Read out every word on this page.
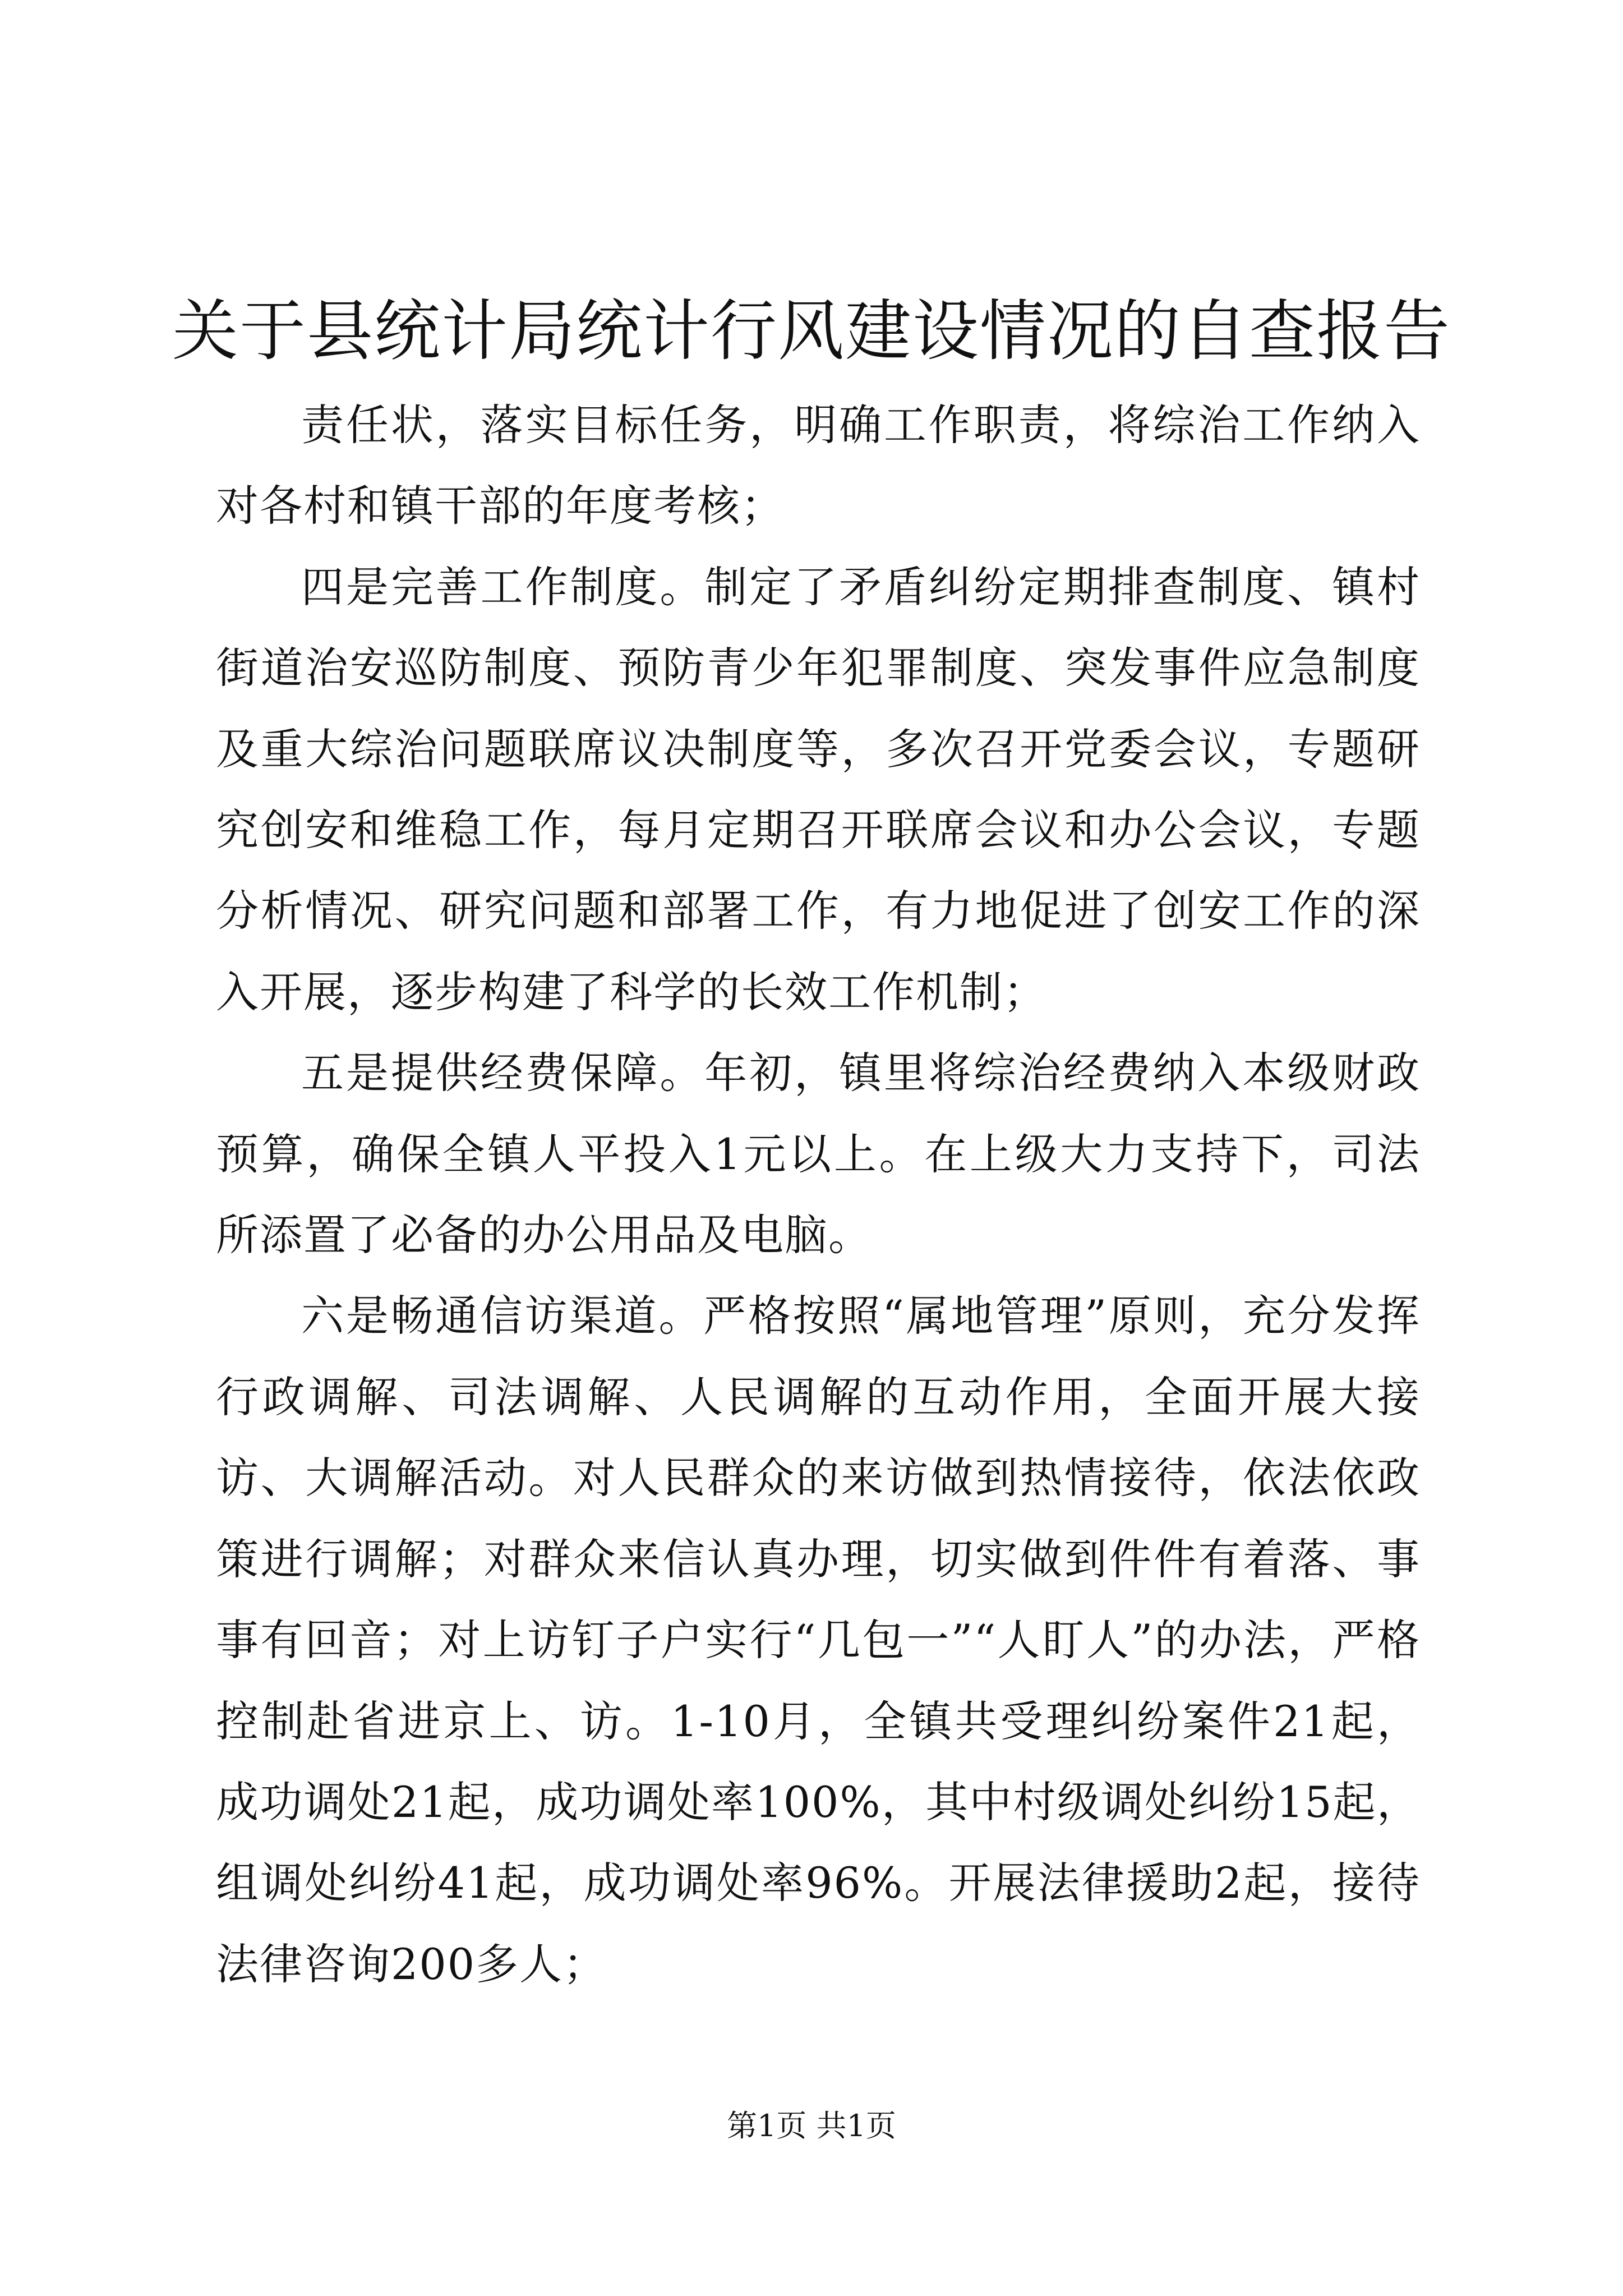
关于县统计局统计行风建设情况的自查报告

责任状，落实目标任务，明确工作职责，将综治工作纳入对各村和镇干部的年度考核；

四是完善工作制度。制定了矛盾纠纷定期排查制度、镇村街道治安巡防制度、预防青少年犯罪制度、突发事件应急制度及重大综治问题联席议决制度等，多次召开党委会议，专题研究创安和维稳工作，每月定期召开联席会议和办公会议，专题分析情况、研究问题和部署工作，有力地促进了创安工作的深入开展，逐步构建了科学的长效工作机制；

五是提供经费保障。年初，镇里将综治经费纳入本级财政预算，确保全镇人平投入1元以上。在上级大力支持下，司法所添置了必备的办公用品及电脑。

六是畅通信访渠道。严格按照“属地管理”原则，充分发挥行政调解、司法调解、人民调解的互动作用，全面开展大接访、大调解活动。对人民群众的来访做到热情接待，依法依政策进行调解；对群众来信认真办理，切实做到件件有着落、事事有回音；对上访钉子户实行“几包一”“人盯人”的办法，严格控制赴省进京上、访。1-10月，全镇共受理纠纷案件21起，成功调处21起，成功调处率100%，其中村级调处纠纷15起，组调处纠纷41起，成功调处率96%。开展法律援助2起，接待法律咨询200多人；

第1页 共1页
